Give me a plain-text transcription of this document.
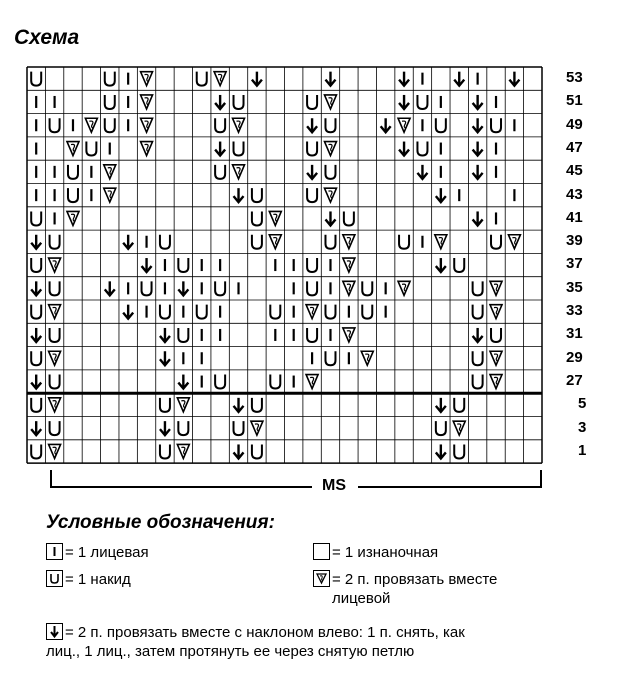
Схема
53
51
49
47
45
43
41
39
37
35
33
31
29
27
5
3
1
MS
Условные обозначения:
= 1 лицевая	= 1 изнаночная
= 1 накид	= 2 п. провязать вместе
лицевой
= 2 п. провязать вместе с наклоном влево: 1 п. снять, как
лиц., 1 лиц., затем протянуть ее через снятую петлю
